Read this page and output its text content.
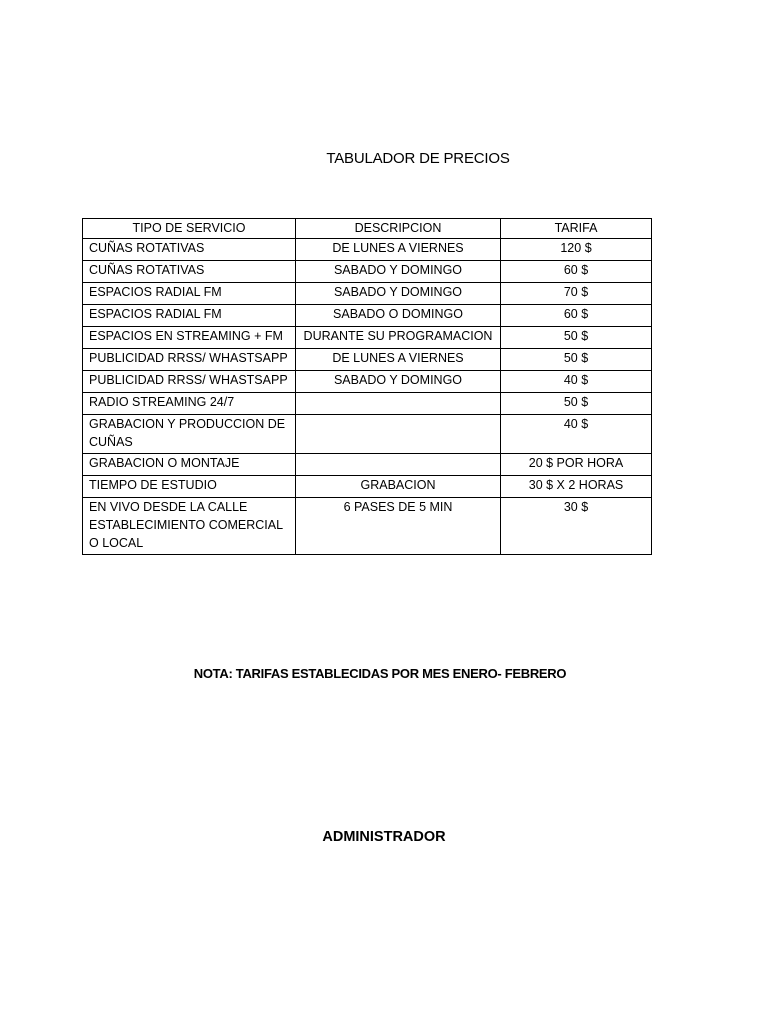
TABULADOR DE PRECIOS
TIPO DE SERVICIO	DESCRIPCION	TARIFA
CUÑAS ROTATIVAS	DE LUNES A VIERNES	120 $
CUÑAS ROTATIVAS	SABADO Y DOMINGO	60 $
ESPACIOS RADIAL FM	SABADO Y DOMINGO	70 $
ESPACIOS RADIAL FM	SABADO O DOMINGO	60 $
ESPACIOS EN STREAMING + FM	DURANTE SU PROGRAMACION	50 $
PUBLICIDAD RRSS/ WHASTSAPP	DE LUNES A VIERNES	50 $
PUBLICIDAD RRSS/ WHASTSAPP	SABADO Y DOMINGO	40 $
RADIO STREAMING 24/7		50 $
GRABACION Y PRODUCCION DE CUÑAS		40 $
GRABACION O MONTAJE		20 $ POR HORA
TIEMPO DE ESTUDIO	GRABACION	30 $ X 2 HORAS
EN VIVO DESDE LA CALLE ESTABLECIMIENTO COMERCIAL O LOCAL	6 PASES DE 5 MIN	30 $
NOTA: TARIFAS ESTABLECIDAS POR MES ENERO- FEBRERO
ADMINISTRADOR
